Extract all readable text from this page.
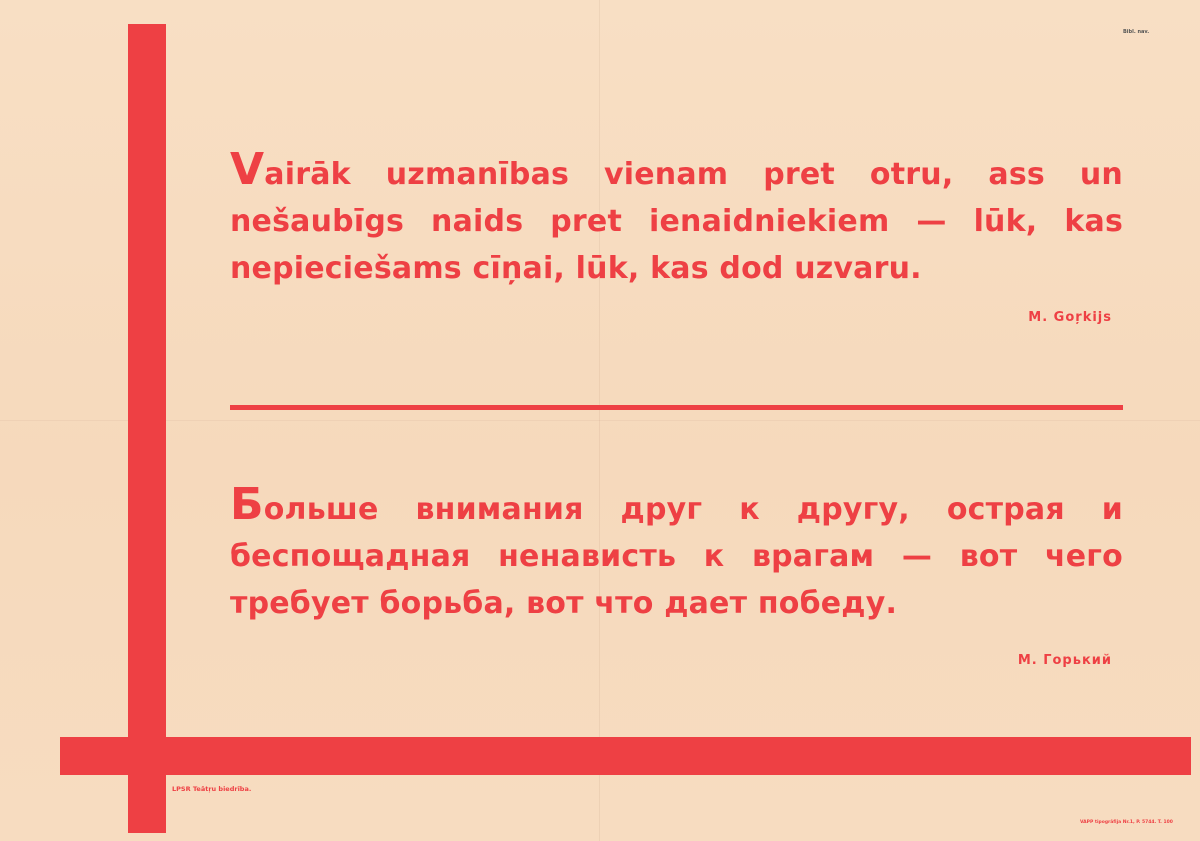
Vairāk uzmanības vienam pret otru, ass un nešaubīgs naids pret ienaidniekiem — lūk, kas nepieciešams cīņai, lūk, kas dod uzvaru.

M. Goŗkijs

Больше внимания друг к другу, острая и беспощадная ненависть к врагам — вот чего требует борьба, вот что дает победу.

М. Горький
LPSR Teātŗu biedrība.
VAPP tipogrāfija Nr.1, P. 5744. T. 100
Bibl. nav.
